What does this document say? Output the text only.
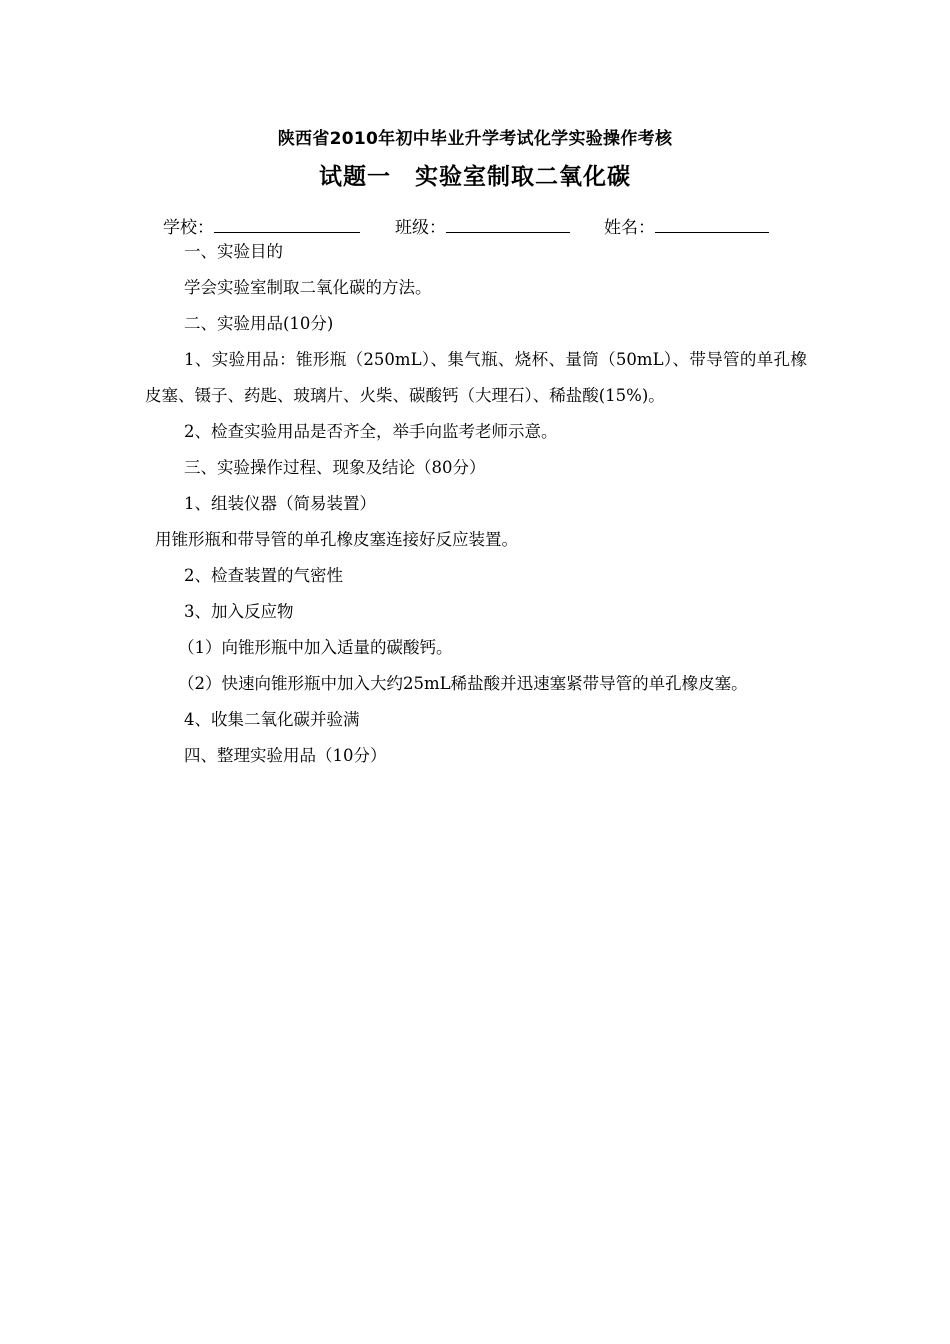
陕西省2010年初中毕业升学考试化学实验操作考核
试题一　实验室制取二氧化碳
学校：	班级：	姓名：

一、实验目的

学会实验室制取二氧化碳的方法。

二、实验用品(10分)

1、实验用品：锥形瓶（250mL）、集气瓶、烧杯、量筒（50mL）、带导管的单孔橡皮塞、镊子、药匙、玻璃片、火柴、碳酸钙（大理石）、稀盐酸(15%)。

2、检查实验用品是否齐全，举手向监考老师示意。

三、实验操作过程、现象及结论（80分）

1、组装仪器（简易装置）

用锥形瓶和带导管的单孔橡皮塞连接好反应装置。

2、检查装置的气密性

3、加入反应物

（1）向锥形瓶中加入适量的碳酸钙。

（2）快速向锥形瓶中加入大约25mL稀盐酸并迅速塞紧带导管的单孔橡皮塞。

4、收集二氧化碳并验满

四、整理实验用品（10分）
